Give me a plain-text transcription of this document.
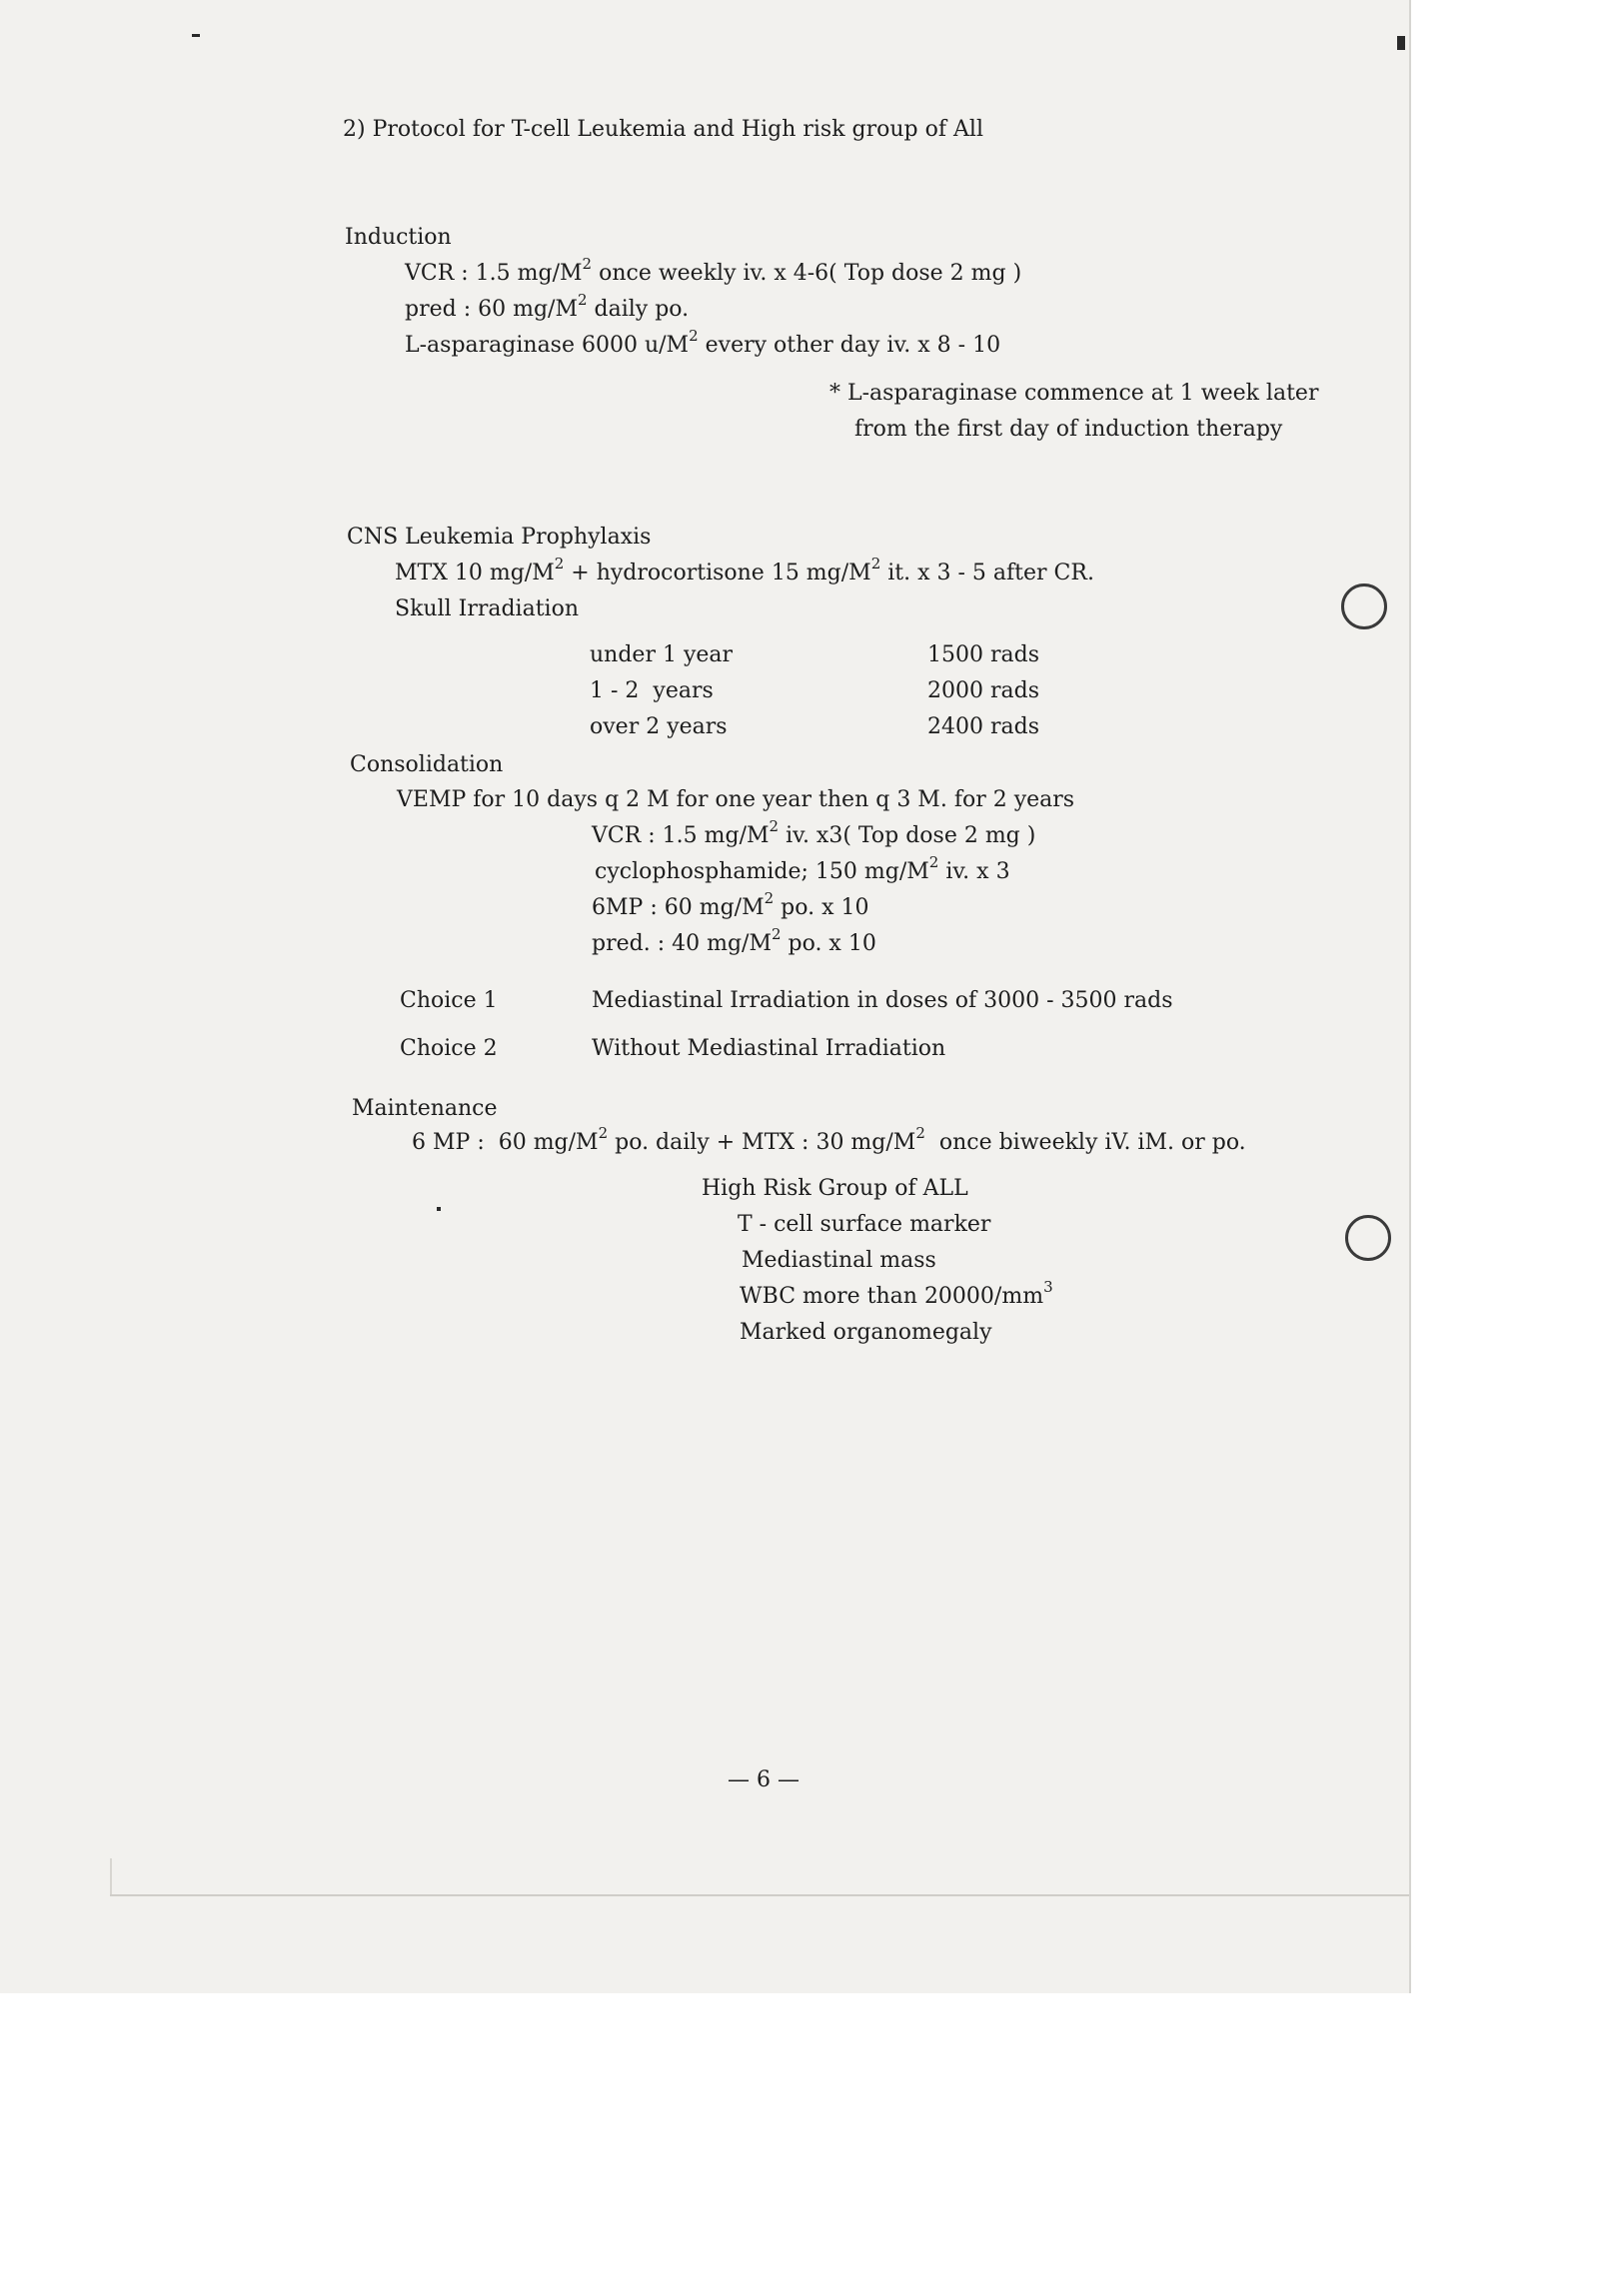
2) Protocol for T-cell Leukemia and High risk group of All
Induction
VCR : 1.5 $mg/M^2$ once weekly iv. x 4-6( Top dose 2 mg )
pred : 60 $mg/M^2$ daily po.
L-asparaginase 6000 $u/M^2$ every other day iv. x 8 - 10
* L-asparaginase commence at 1 week later
from the first day of induction therapy
CNS Leukemia Prophylaxis
MTX 10 $mg/M^2$ + hydrocortisone 15 $mg/M^2$ it. x 3 - 5 after CR.
Skull Irradiation
under 1 year	1500 rads
1 - 2  years	2000 rads
over 2 years	2400 rads
Consolidation
VEMP for 10 days q 2 M for one year then q 3 M. for 2 years
VCR : 1.5 $mg/M^2$ iv. x3( Top dose 2 mg )
cyclophosphamide; 150 $mg/M^2$ iv. x 3
6MP : 60 $mg/M^2$ po. x 10
pred. : 40 $mg/M^2$ po. x 10
Choice 1	Mediastinal Irradiation in doses of 3000 - 3500 rads
Choice 2	Without Mediastinal Irradiation
Maintenance
6 MP :  60 $mg/M^2$ po. daily + MTX : 30 $mg/M^2$  once biweekly iV. iM. or po.
High Risk Group of ALL
T - cell surface marker
Mediastinal mass
WBC more than $20000/mm^3$
Marked organomegaly
— 6 —
